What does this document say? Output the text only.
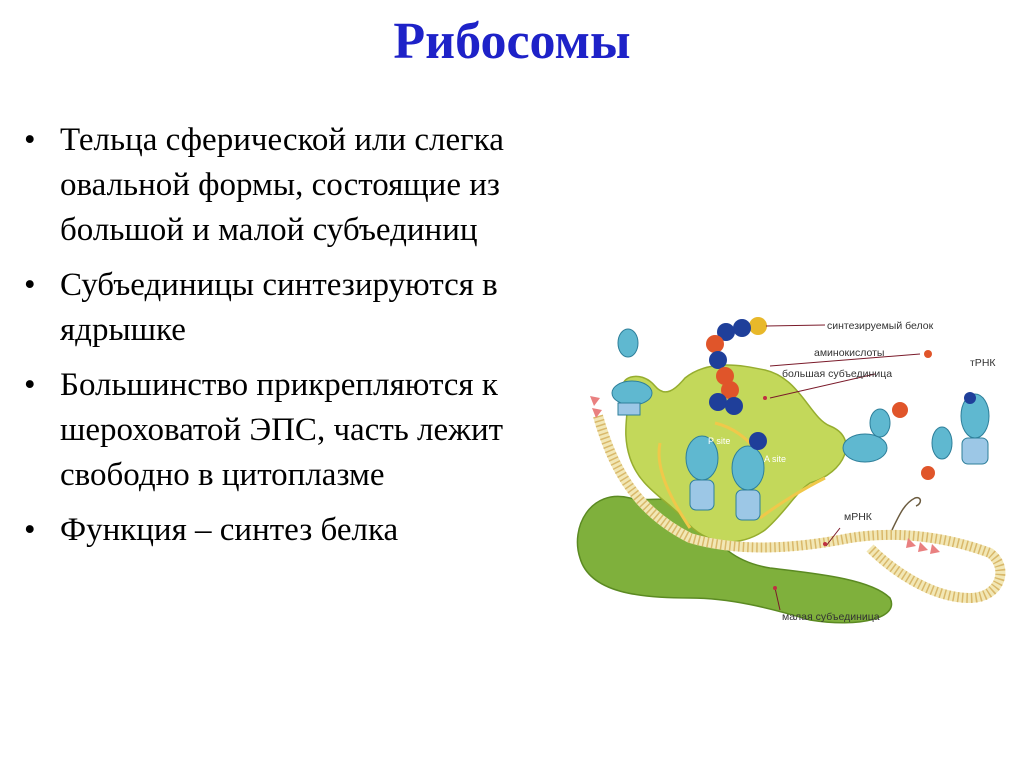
Рибосомы
• Тельца сферической или слегка овальной формы, состоящие из большой и малой субъединиц
• Субъединицы синтезируются в ядрышке
• Большинство прикрепляются к шероховатой ЭПС, часть лежит свободно в цитоплазме
• Функция – синтез белка
P site
A site
синтезируемый белок
аминокислоты
тРНК
большая субъединица
мРНК
малая субъединица
